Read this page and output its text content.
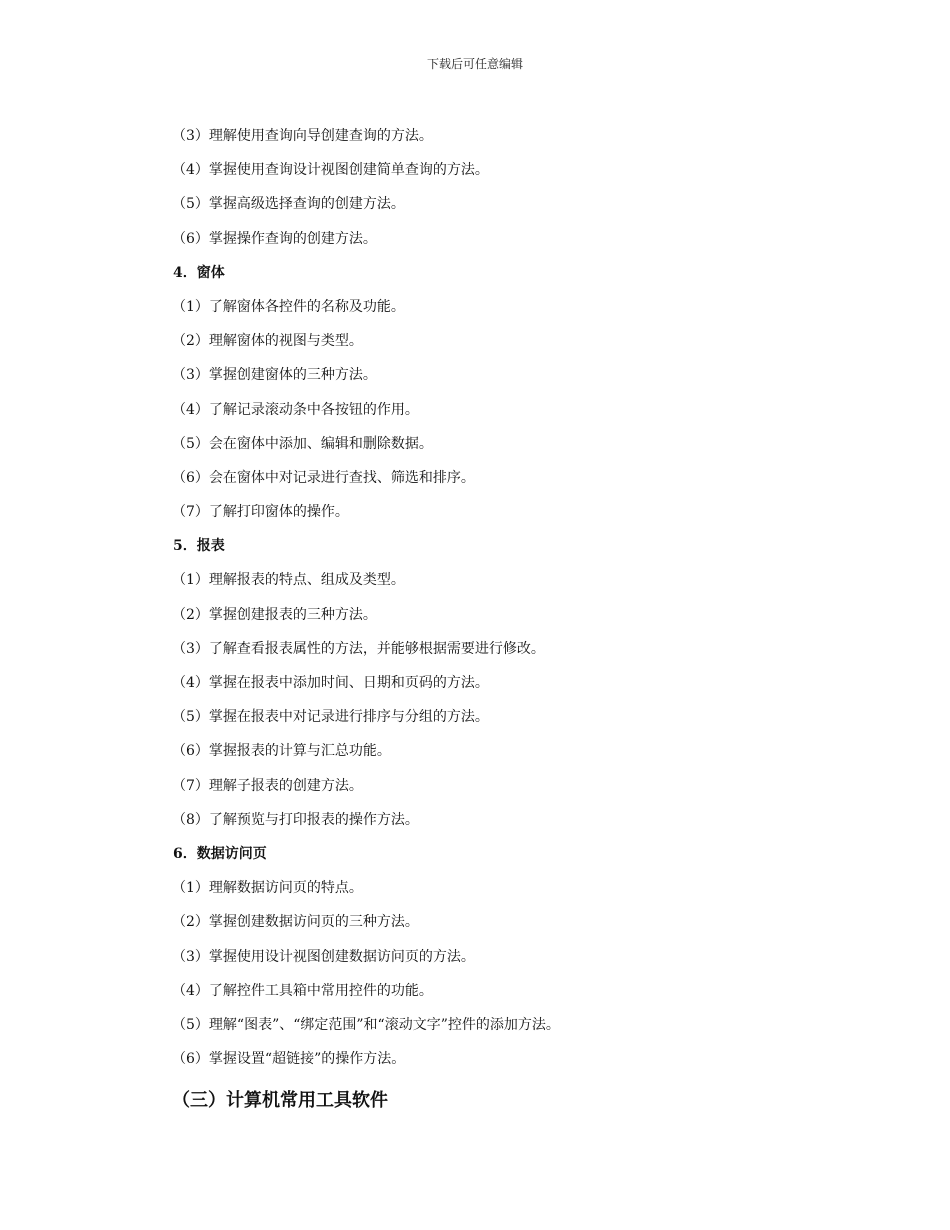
下载后可任意编辑
（3）理解使用查询向导创建查询的方法。
（4）掌握使用查询设计视图创建简单查询的方法。
（5）掌握高级选择查询的创建方法。
（6）掌握操作查询的创建方法。
4．窗体
（1）了解窗体各控件的名称及功能。
（2）理解窗体的视图与类型。
（3）掌握创建窗体的三种方法。
（4）了解记录滚动条中各按钮的作用。
（5）会在窗体中添加、编辑和删除数据。
（6）会在窗体中对记录进行查找、筛选和排序。
（7）了解打印窗体的操作。
5．报表
（1）理解报表的特点、组成及类型。
（2）掌握创建报表的三种方法。
（3）了解查看报表属性的方法，并能够根据需要进行修改。
（4）掌握在报表中添加时间、日期和页码的方法。
（5）掌握在报表中对记录进行排序与分组的方法。
（6）掌握报表的计算与汇总功能。
（7）理解子报表的创建方法。
（8）了解预览与打印报表的操作方法。
6．数据访问页
（1）理解数据访问页的特点。
（2）掌握创建数据访问页的三种方法。
（3）掌握使用设计视图创建数据访问页的方法。
（4）了解控件工具箱中常用控件的功能。
（5）理解“图表”、“绑定范围”和“滚动文字”控件的添加方法。
（6）掌握设置“超链接”的操作方法。
（三）计算机常用工具软件
